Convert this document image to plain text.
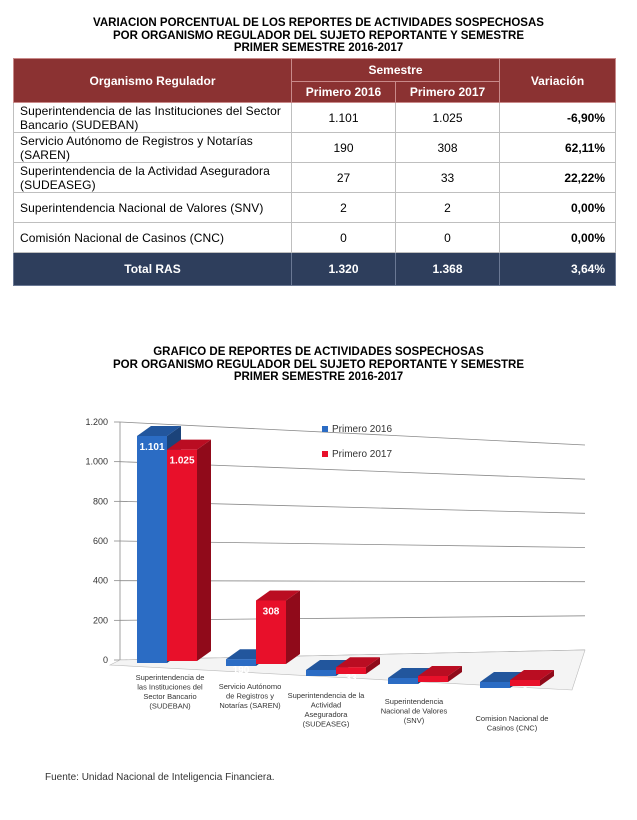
VARIACION PORCENTUAL DE LOS REPORTES DE ACTIVIDADES SOSPECHOSAS
POR ORGANISMO REGULADOR DEL SUJETO REPORTANTE Y SEMESTRE
PRIMER SEMESTRE 2016-2017
Organismo Regulador	Semestre		Variación
	Primero 2016	Primero 2017	
Superintendencia de las Instituciones del Sector Bancario (SUDEBAN)	1.101	1.025	-6,90%
Servicio Autónomo de Registros y Notarías (SAREN)	190	308	62,11%
Superintendencia de la Actividad Aseguradora (SUDEASEG)	27	33	22,22%
Superintendencia Nacional de Valores (SNV)	2	2	0,00%
Comisión Nacional de Casinos (CNC)	0	0	0,00%
Total RAS	1.320	1.368	3,64%
GRAFICO DE REPORTES DE ACTIVIDADES SOSPECHOSAS
POR ORGANISMO REGULADOR DEL SUJETO REPORTANTE Y SEMESTRE
PRIMER SEMESTRE 2016-2017
0
200
400
600
800
1.000
1.200
1.101
1.025
190
308
27 33
2 2
0 0
Superintendencia de las Instituciones del Sector Bancario (SUDEBAN)
Servicio Autónomo de Registros y Notarías (SAREN)
Superintendencia de la Actividad Aseguradora (SUDEASEG)
Superintendencia Nacional de Valores (SNV)	Comision Nacional de Casinos (CNC)
Primero 2016
Primero 2017
Fuente: Unidad Nacional de Inteligencia Financiera.
